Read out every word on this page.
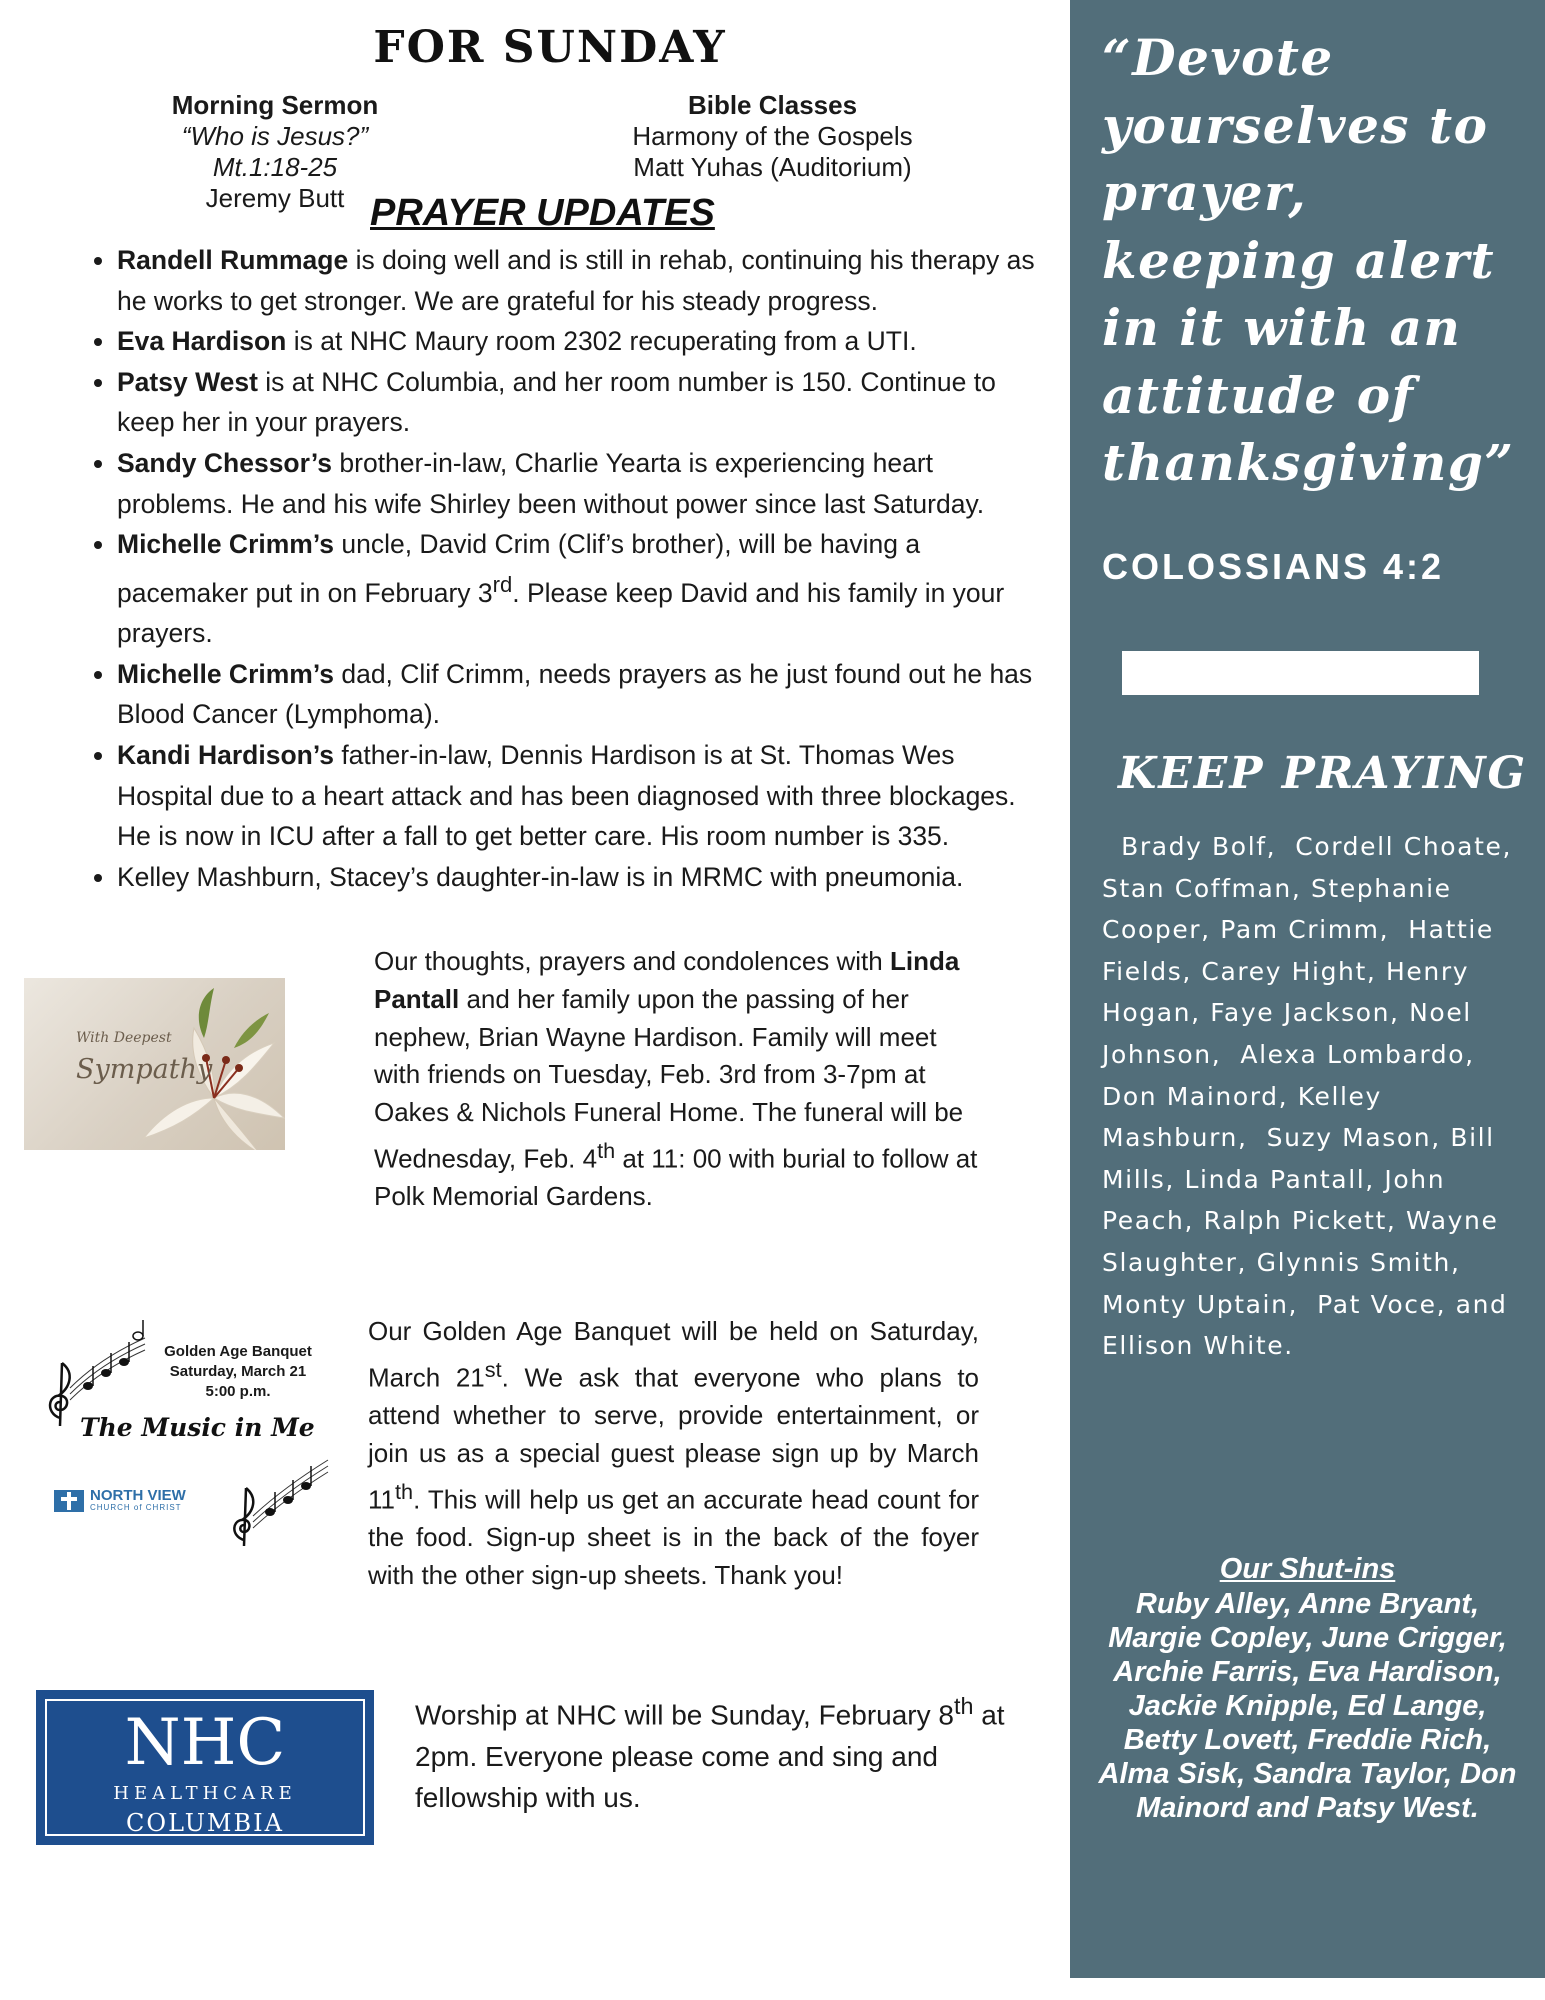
FOR SUNDAY
Morning Sermon
“Who is Jesus?”
Mt.1:18-25
Jeremy Butt
Bible Classes
Harmony of the Gospels
Matt Yuhas (Auditorium)
PRAYER UPDATES
• Randell Rummage is doing well and is still in rehab, continuing his therapy as he works to get stronger. We are grateful for his steady progress.
• Eva Hardison is at NHC Maury room 2302 recuperating from a UTI.
• Patsy West is at NHC Columbia, and her room number is 150. Continue to keep her in your prayers.
• Sandy Chessor’s brother-in-law, Charlie Yearta is experiencing heart problems. He and his wife Shirley been without power since last Saturday.
• Michelle Crimm’s uncle, David Crim (Clif’s brother), will be having a pacemaker put in on February 3rd. Please keep David and his family in your prayers.
• Michelle Crimm’s dad, Clif Crimm, needs prayers as he just found out he has Blood Cancer (Lymphoma).
• Kandi Hardison’s father-in-law, Dennis Hardison is at St. Thomas Wes Hospital due to a heart attack and has been diagnosed with three blockages. He is now in ICU after a fall to get better care. His room number is 335.
• Kelley Mashburn, Stacey’s daughter-in-law is in MRMC with pneumonia.
With Deepest
Sympathy
Our thoughts, prayers and condolences with Linda Pantall and her family upon the passing of her nephew, Brian Wayne Hardison. Family will meet with friends on Tuesday, Feb. 3rd from 3-7pm at Oakes & Nichols Funeral Home. The funeral will be Wednesday, Feb. 4th at 11: 00 with burial to follow at Polk Memorial Gardens.
Golden Age Banquet
Saturday, March 21
5:00 p.m.
The Music in Me
NORTH VIEW
CHURCH of CHRIST
Our Golden Age Banquet will be held on Saturday, March 21st. We ask that everyone who plans to attend whether to serve, provide entertainment, or join us as a special guest please sign up by March 11th. This will help us get an accurate head count for the food. Sign-up sheet is in the back of the foyer with the other sign-up sheets. Thank you!
NHC
HEALTHCARE
COLUMBIA
Worship at NHC will be Sunday, February 8th at 2pm. Everyone please come and sing and fellowship with us.
“Devote yourselves to prayer, keeping alert in it with an attitude of thanksgiving”
COLOSSIANS 4:2
KEEP PRAYING
Brady Bolf,  Cordell Choate, Stan Coffman, Stephanie Cooper, Pam Crimm,  Hattie Fields, Carey Hight, Henry Hogan, Faye Jackson, Noel Johnson,  Alexa Lombardo, Don Mainord, Kelley Mashburn,  Suzy Mason, Bill Mills, Linda Pantall, John Peach, Ralph Pickett, Wayne Slaughter, Glynnis Smith, Monty Uptain,  Pat Voce, and Ellison White.
Our Shut-ins
Ruby Alley, Anne Bryant, Margie Copley, June Crigger, Archie Farris, Eva Hardison, Jackie Knipple, Ed Lange, Betty Lovett, Freddie Rich, Alma Sisk, Sandra Taylor, Don Mainord and Patsy West.
